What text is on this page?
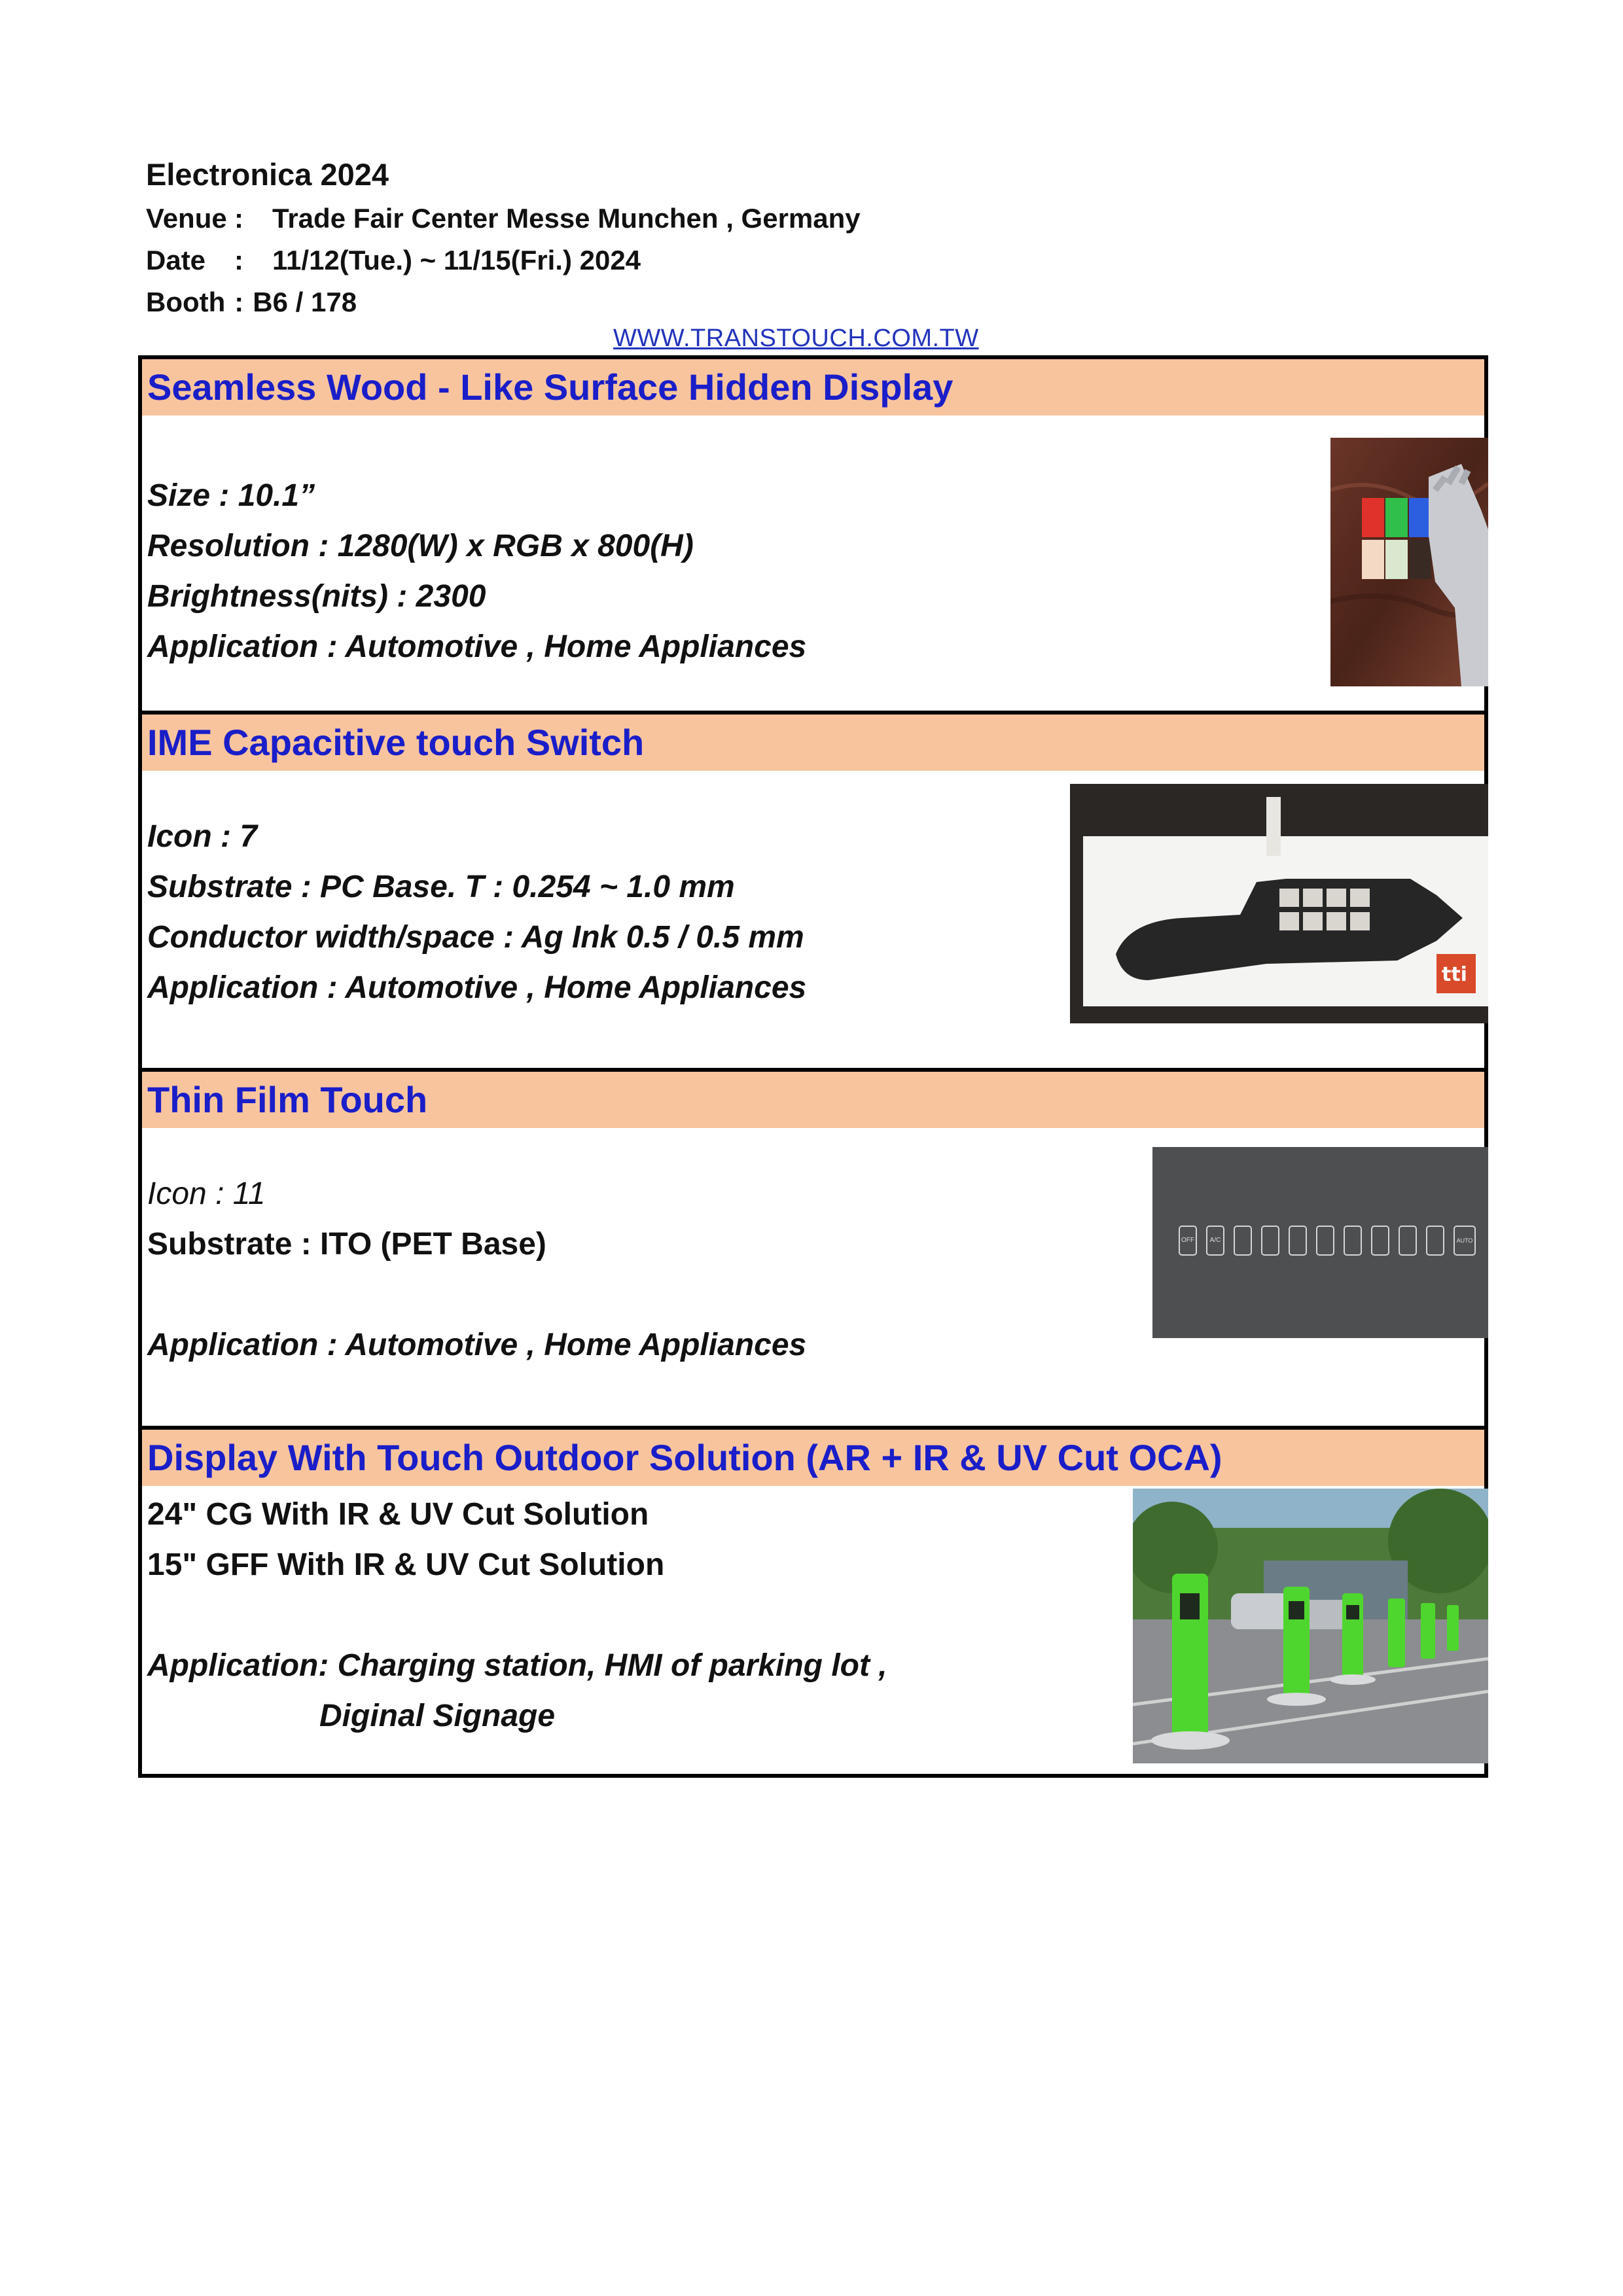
Electronica 2024
Venue :	Trade Fair Center Messe Munchen , Germany
Date	:	11/12(Tue.) ~ 11/15(Fri.) 2024
Booth : B6 / 178
WWW.TRANSTOUCH.COM.TW
Seamless Wood - Like Surface Hidden Display
Size : 10.1”
Resolution : 1280(W) x RGB x 800(H)
Brightness(nits) : 2300
Application : Automotive , Home Appliances
IME Capacitive touch Switch
Icon : 7
Substrate : PC Base. T : 0.254 ~ 1.0 mm
Conductor width/space : Ag Ink 0.5 / 0.5 mm
Application : Automotive , Home Appliances	tti
Thin Film Touch
Icon : 11
Substrate : ITO (PET Base)
Application : Automotive , Home Appliances
OFF	A/C	AUTO
Display With Touch Outdoor Solution (AR + IR & UV Cut OCA)
24" CG With IR & UV Cut Solution
15" GFF With IR & UV Cut Solution
Application: Charging station, HMI of parking lot ,
Diginal Signage
